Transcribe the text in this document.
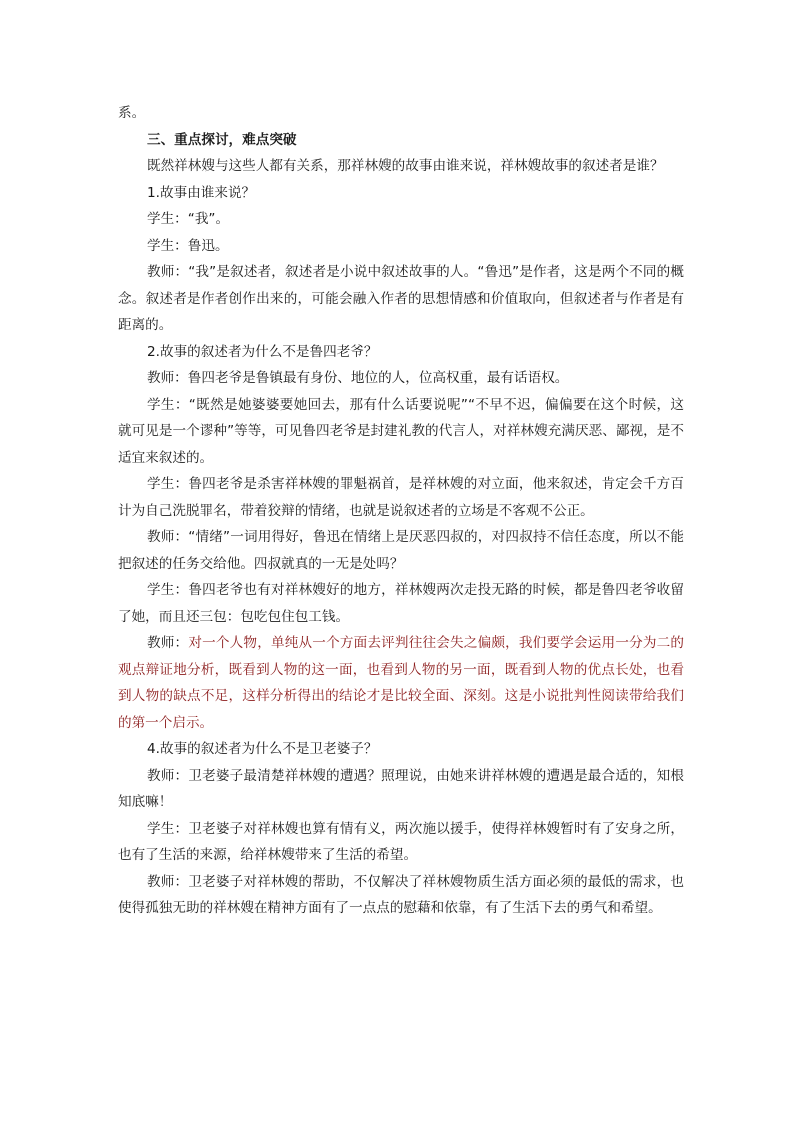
系。

三、重点探讨，难点突破

既然祥林嫂与这些人都有关系，那祥林嫂的故事由谁来说，祥林嫂故事的叙述者是谁？

1.故事由谁来说？

学生：“我”。

学生：鲁迅。

教师：“我”是叙述者，叙述者是小说中叙述故事的人。“鲁迅”是作者，这是两个不同的概念。叙述者是作者创作出来的，可能会融入作者的思想情感和价值取向，但叙述者与作者是有距离的。

2.故事的叙述者为什么不是鲁四老爷？

教师：鲁四老爷是鲁镇最有身份、地位的人，位高权重，最有话语权。

学生：“既然是她婆婆要她回去，那有什么话要说呢”“不早不迟，偏偏要在这个时候，这就可见是一个谬种”等等，可见鲁四老爷是封建礼教的代言人，对祥林嫂充满厌恶、鄙视，是不适宜来叙述的。

学生：鲁四老爷是杀害祥林嫂的罪魁祸首，是祥林嫂的对立面，他来叙述，肯定会千方百计为自己洗脱罪名，带着狡辩的情绪，也就是说叙述者的立场是不客观不公正。

教师：“情绪”一词用得好，鲁迅在情绪上是厌恶四叔的，对四叔持不信任态度，所以不能把叙述的任务交给他。四叔就真的一无是处吗？

学生：鲁四老爷也有对祥林嫂好的地方，祥林嫂两次走投无路的时候，都是鲁四老爷收留了她，而且还三包：包吃包住包工钱。

教师：对一个人物，单纯从一个方面去评判往往会失之偏颇，我们要学会运用一分为二的观点辩证地分析，既看到人物的这一面，也看到人物的另一面，既看到人物的优点长处，也看到人物的缺点不足，这样分析得出的结论才是比较全面、深刻。这是小说批判性阅读带给我们的第一个启示。

4.故事的叙述者为什么不是卫老婆子？

教师：卫老婆子最清楚祥林嫂的遭遇？照理说，由她来讲祥林嫂的遭遇是最合适的，知根知底嘛！

学生：卫老婆子对祥林嫂也算有情有义，两次施以援手，使得祥林嫂暂时有了安身之所，也有了生活的来源，给祥林嫂带来了生活的希望。

教师：卫老婆子对祥林嫂的帮助，不仅解决了祥林嫂物质生活方面必须的最低的需求，也使得孤独无助的祥林嫂在精神方面有了一点点的慰藉和依靠，有了生活下去的勇气和希望。
